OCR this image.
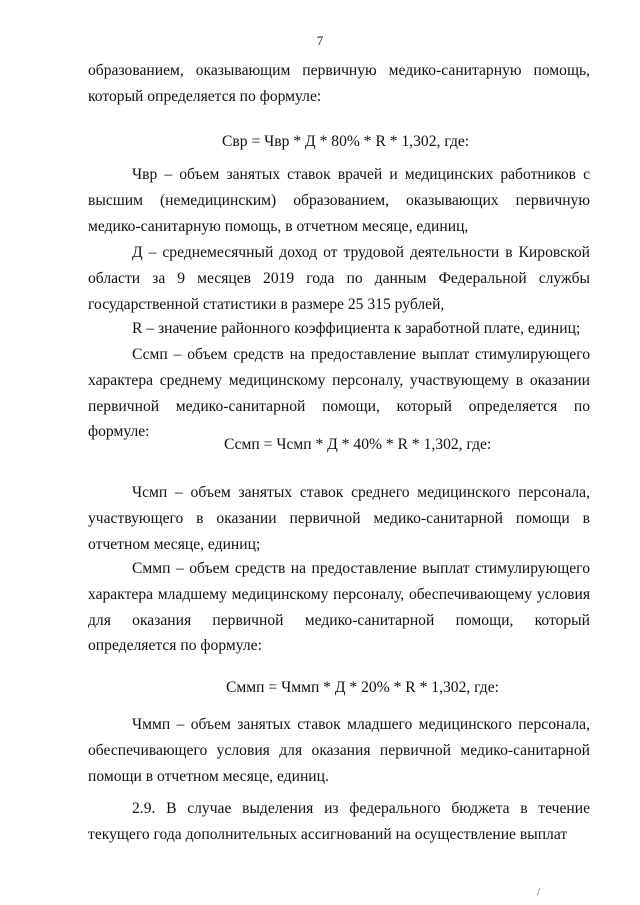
7

образованием, оказывающим первичную медико-санитарную помощь, который определяется по формуле:

Свр = Чвр * Д * 80% * R * 1,302, где:

Чвр – объем занятых ставок врачей и медицинских работников с высшим (немедицинским) образованием, оказывающих первичную медико-санитарную помощь, в отчетном месяце, единиц,

Д – среднемесячный доход от трудовой деятельности в Кировской области за 9 месяцев 2019 года по данным Федеральной службы государственной статистики в размере 25 315 рублей,

R – значение районного коэффициента к заработной плате, единиц;

Ссмп – объем средств на предоставление выплат стимулирующего характера среднему медицинскому персоналу, участвующему в оказании первичной медико-санитарной помощи, который определяется по формуле:

Ссмп = Чсмп * Д * 40% * R * 1,302, где:

Чсмп – объем занятых ставок среднего медицинского персонала, участвующего в оказании первичной медико-санитарной помощи в отчетном месяце, единиц;

Сммп – объем средств на предоставление выплат стимулирующего характера младшему медицинскому персоналу, обеспечивающему условия для оказания первичной медико-санитарной помощи, который определяется по формуле:

Сммп = Чммп * Д * 20% * R * 1,302, где:

Чммп – объем занятых ставок младшего медицинского персонала, обеспечивающего условия для оказания первичной медико-санитарной помощи в отчетном месяце, единиц.

2.9. В случае выделения из федерального бюджета в течение текущего года дополнительных ассигнований на осуществление выплат

/
